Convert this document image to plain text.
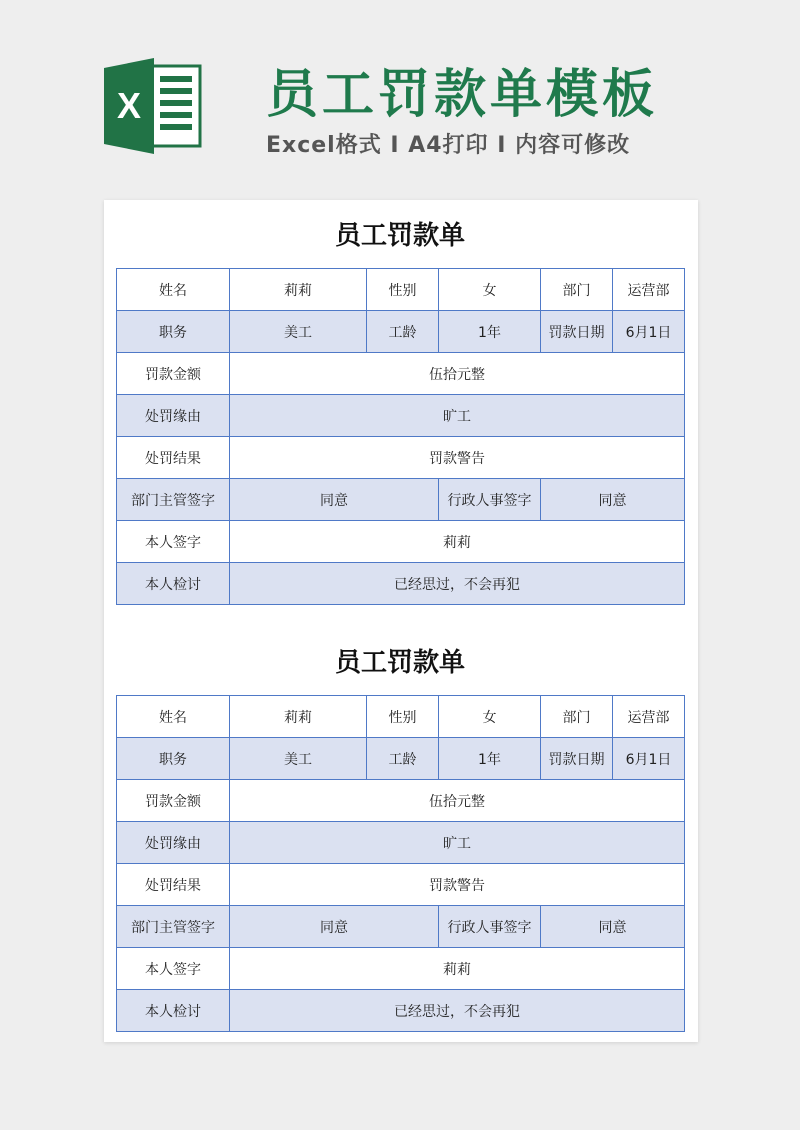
X 员工罚款单模板
Excel格式 I A4打印 I 内容可修改
员工罚款单
姓名	莉莉	性别	女	部门	运营部
职务	美工	工龄	1年	罚款日期	6月1日
罚款金额	伍拾元整				
处罚缘由	旷工				
处罚结果	罚款警告				
部门主管签字	同意		行政人事签字	同意	
本人签字	莉莉				
本人检讨	已经思过，不会再犯				
员工罚款单
姓名	莉莉	性别	女	部门	运营部
职务	美工	工龄	1年	罚款日期	6月1日
罚款金额	伍拾元整				
处罚缘由	旷工				
处罚结果	罚款警告				
部门主管签字	同意		行政人事签字	同意	
本人签字	莉莉				
本人检讨	已经思过，不会再犯				
